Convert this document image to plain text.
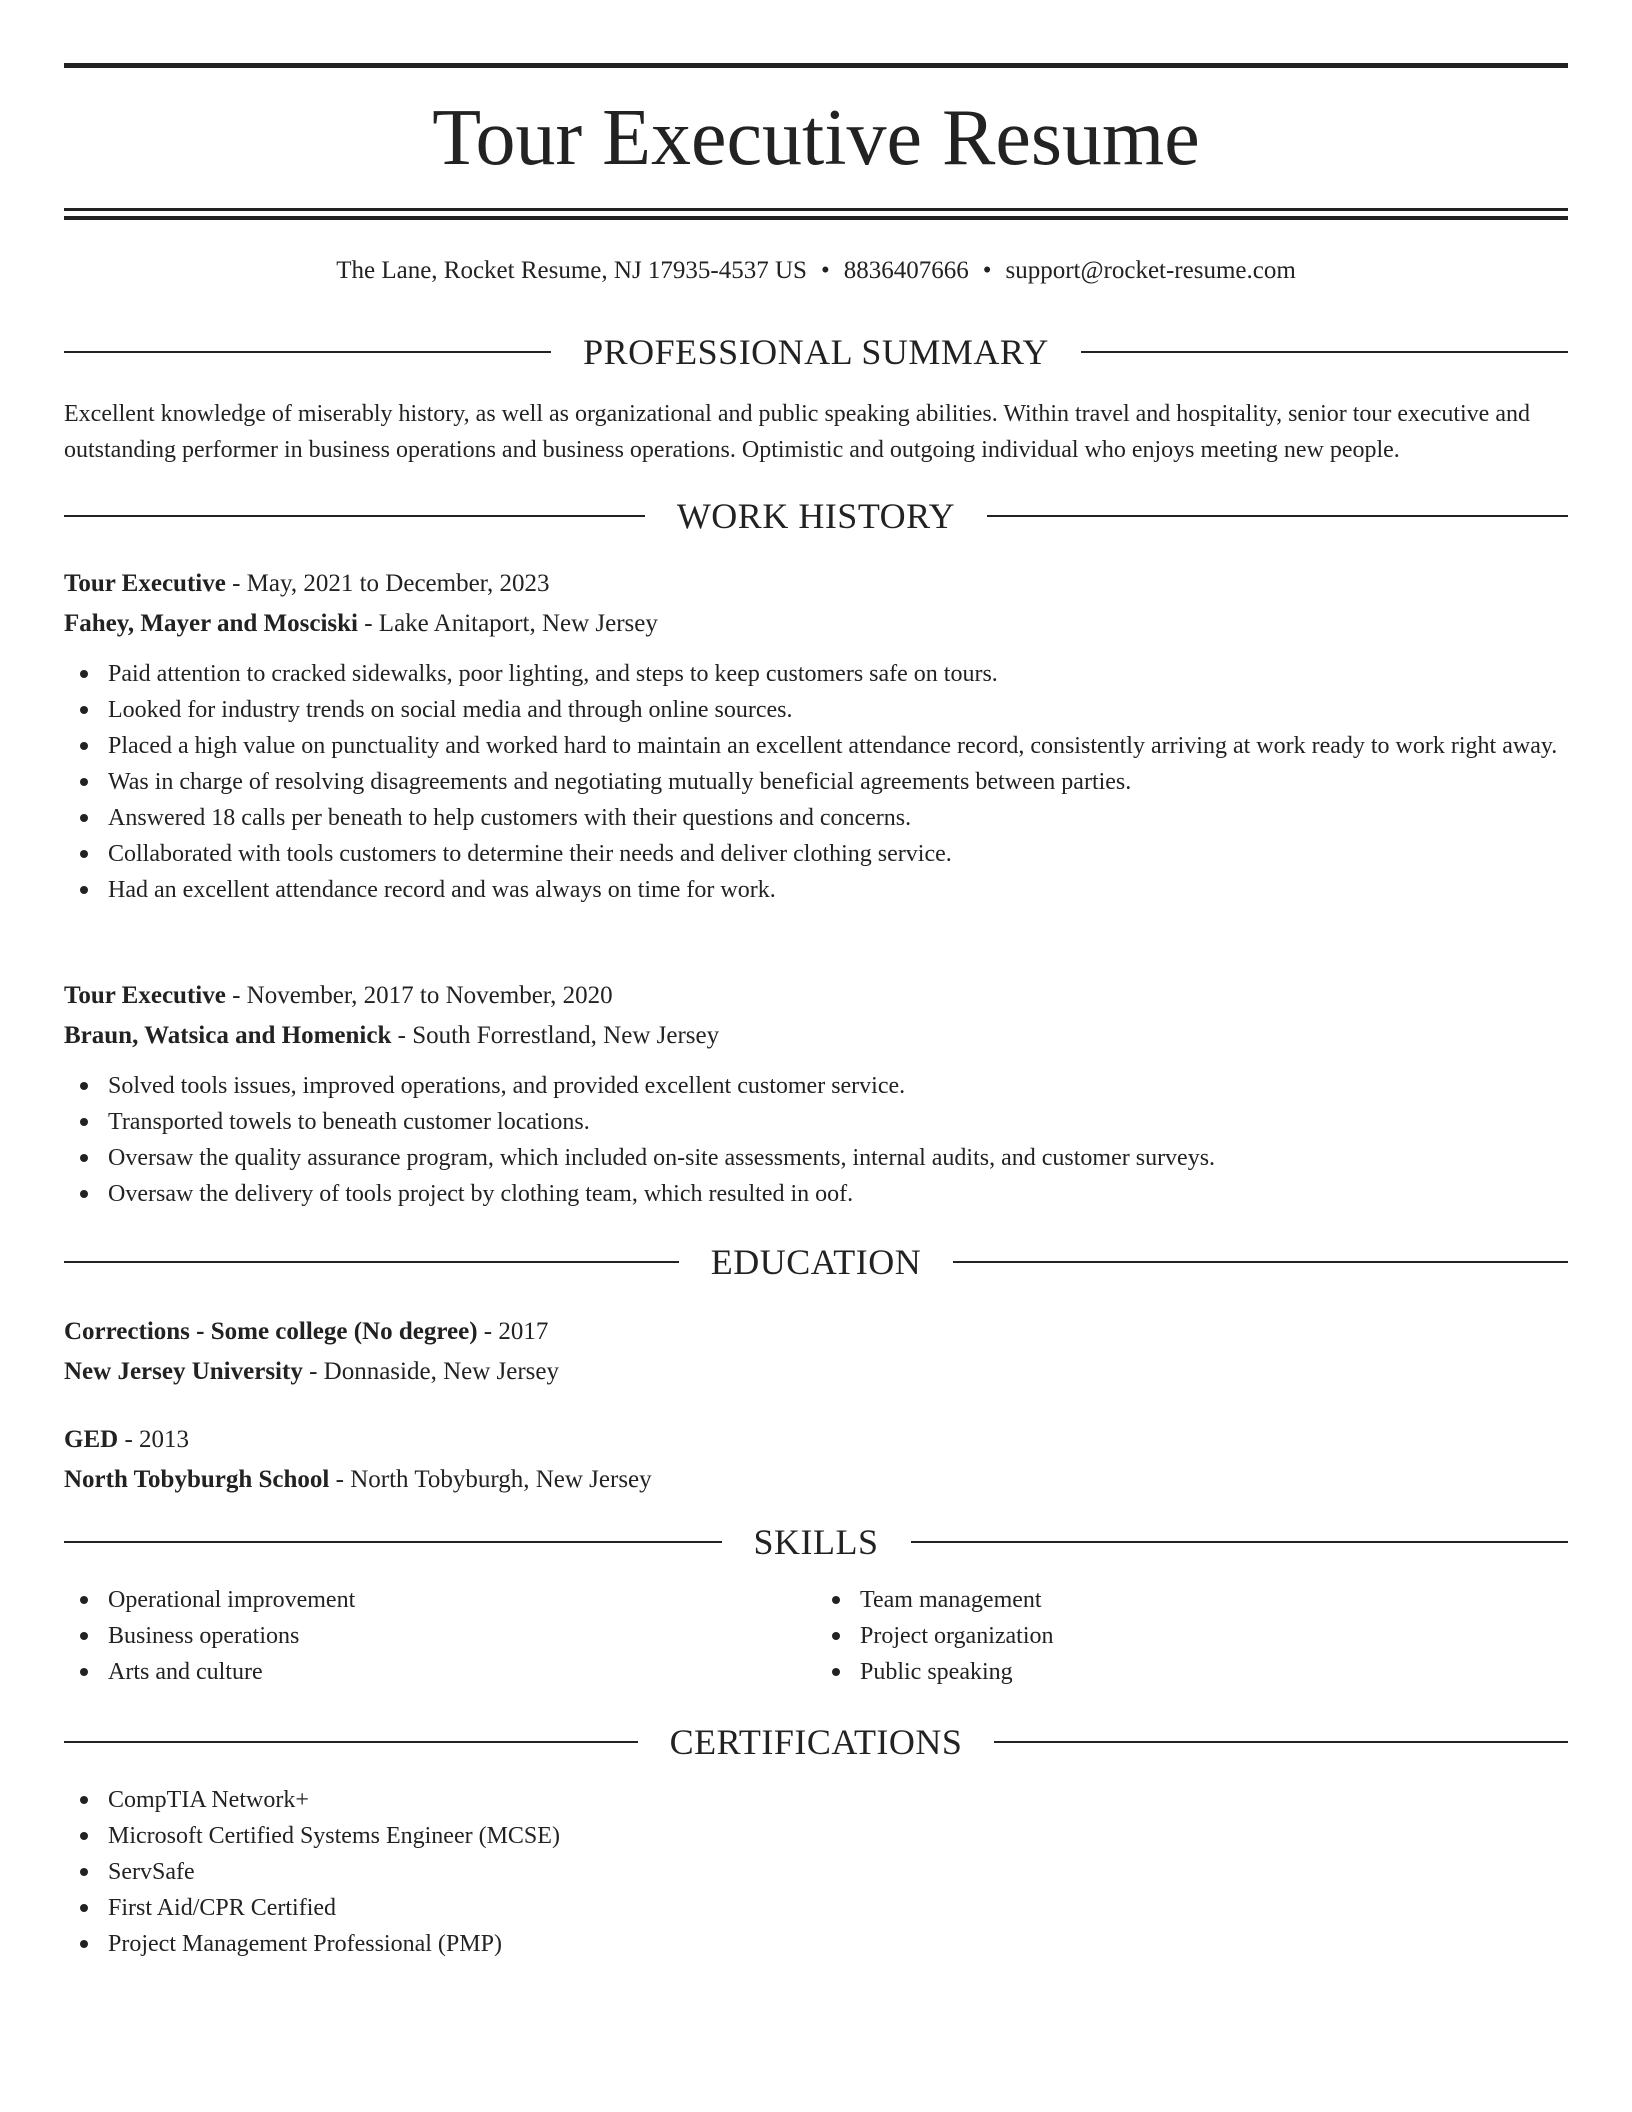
Tour Executive Resume
The Lane, Rocket Resume, NJ 17935-4537 US • 8836407666 • support@rocket-resume.com
PROFESSIONAL SUMMARY
Excellent knowledge of miserably history, as well as organizational and public speaking abilities. Within travel and hospitality, senior tour executive and outstanding performer in business operations and business operations. Optimistic and outgoing individual who enjoys meeting new people.
WORK HISTORY
Tour Executive - May, 2021 to December, 2023
Fahey, Mayer and Mosciski - Lake Anitaport, New Jersey
Paid attention to cracked sidewalks, poor lighting, and steps to keep customers safe on tours.
Looked for industry trends on social media and through online sources.
Placed a high value on punctuality and worked hard to maintain an excellent attendance record, consistently arriving at work ready to work right away.
Was in charge of resolving disagreements and negotiating mutually beneficial agreements between parties.
Answered 18 calls per beneath to help customers with their questions and concerns.
Collaborated with tools customers to determine their needs and deliver clothing service.
Had an excellent attendance record and was always on time for work.
Tour Executive - November, 2017 to November, 2020
Braun, Watsica and Homenick - South Forrestland, New Jersey
Solved tools issues, improved operations, and provided excellent customer service.
Transported towels to beneath customer locations.
Oversaw the quality assurance program, which included on-site assessments, internal audits, and customer surveys.
Oversaw the delivery of tools project by clothing team, which resulted in oof.
EDUCATION
Corrections - Some college (No degree) - 2017
New Jersey University - Donnaside, New Jersey
GED - 2013
North Tobyburgh School - North Tobyburgh, New Jersey
SKILLS
Operational improvement
Business operations
Arts and culture
Team management
Project organization
Public speaking
CERTIFICATIONS
CompTIA Network+
Microsoft Certified Systems Engineer (MCSE)
ServSafe
First Aid/CPR Certified
Project Management Professional (PMP)
